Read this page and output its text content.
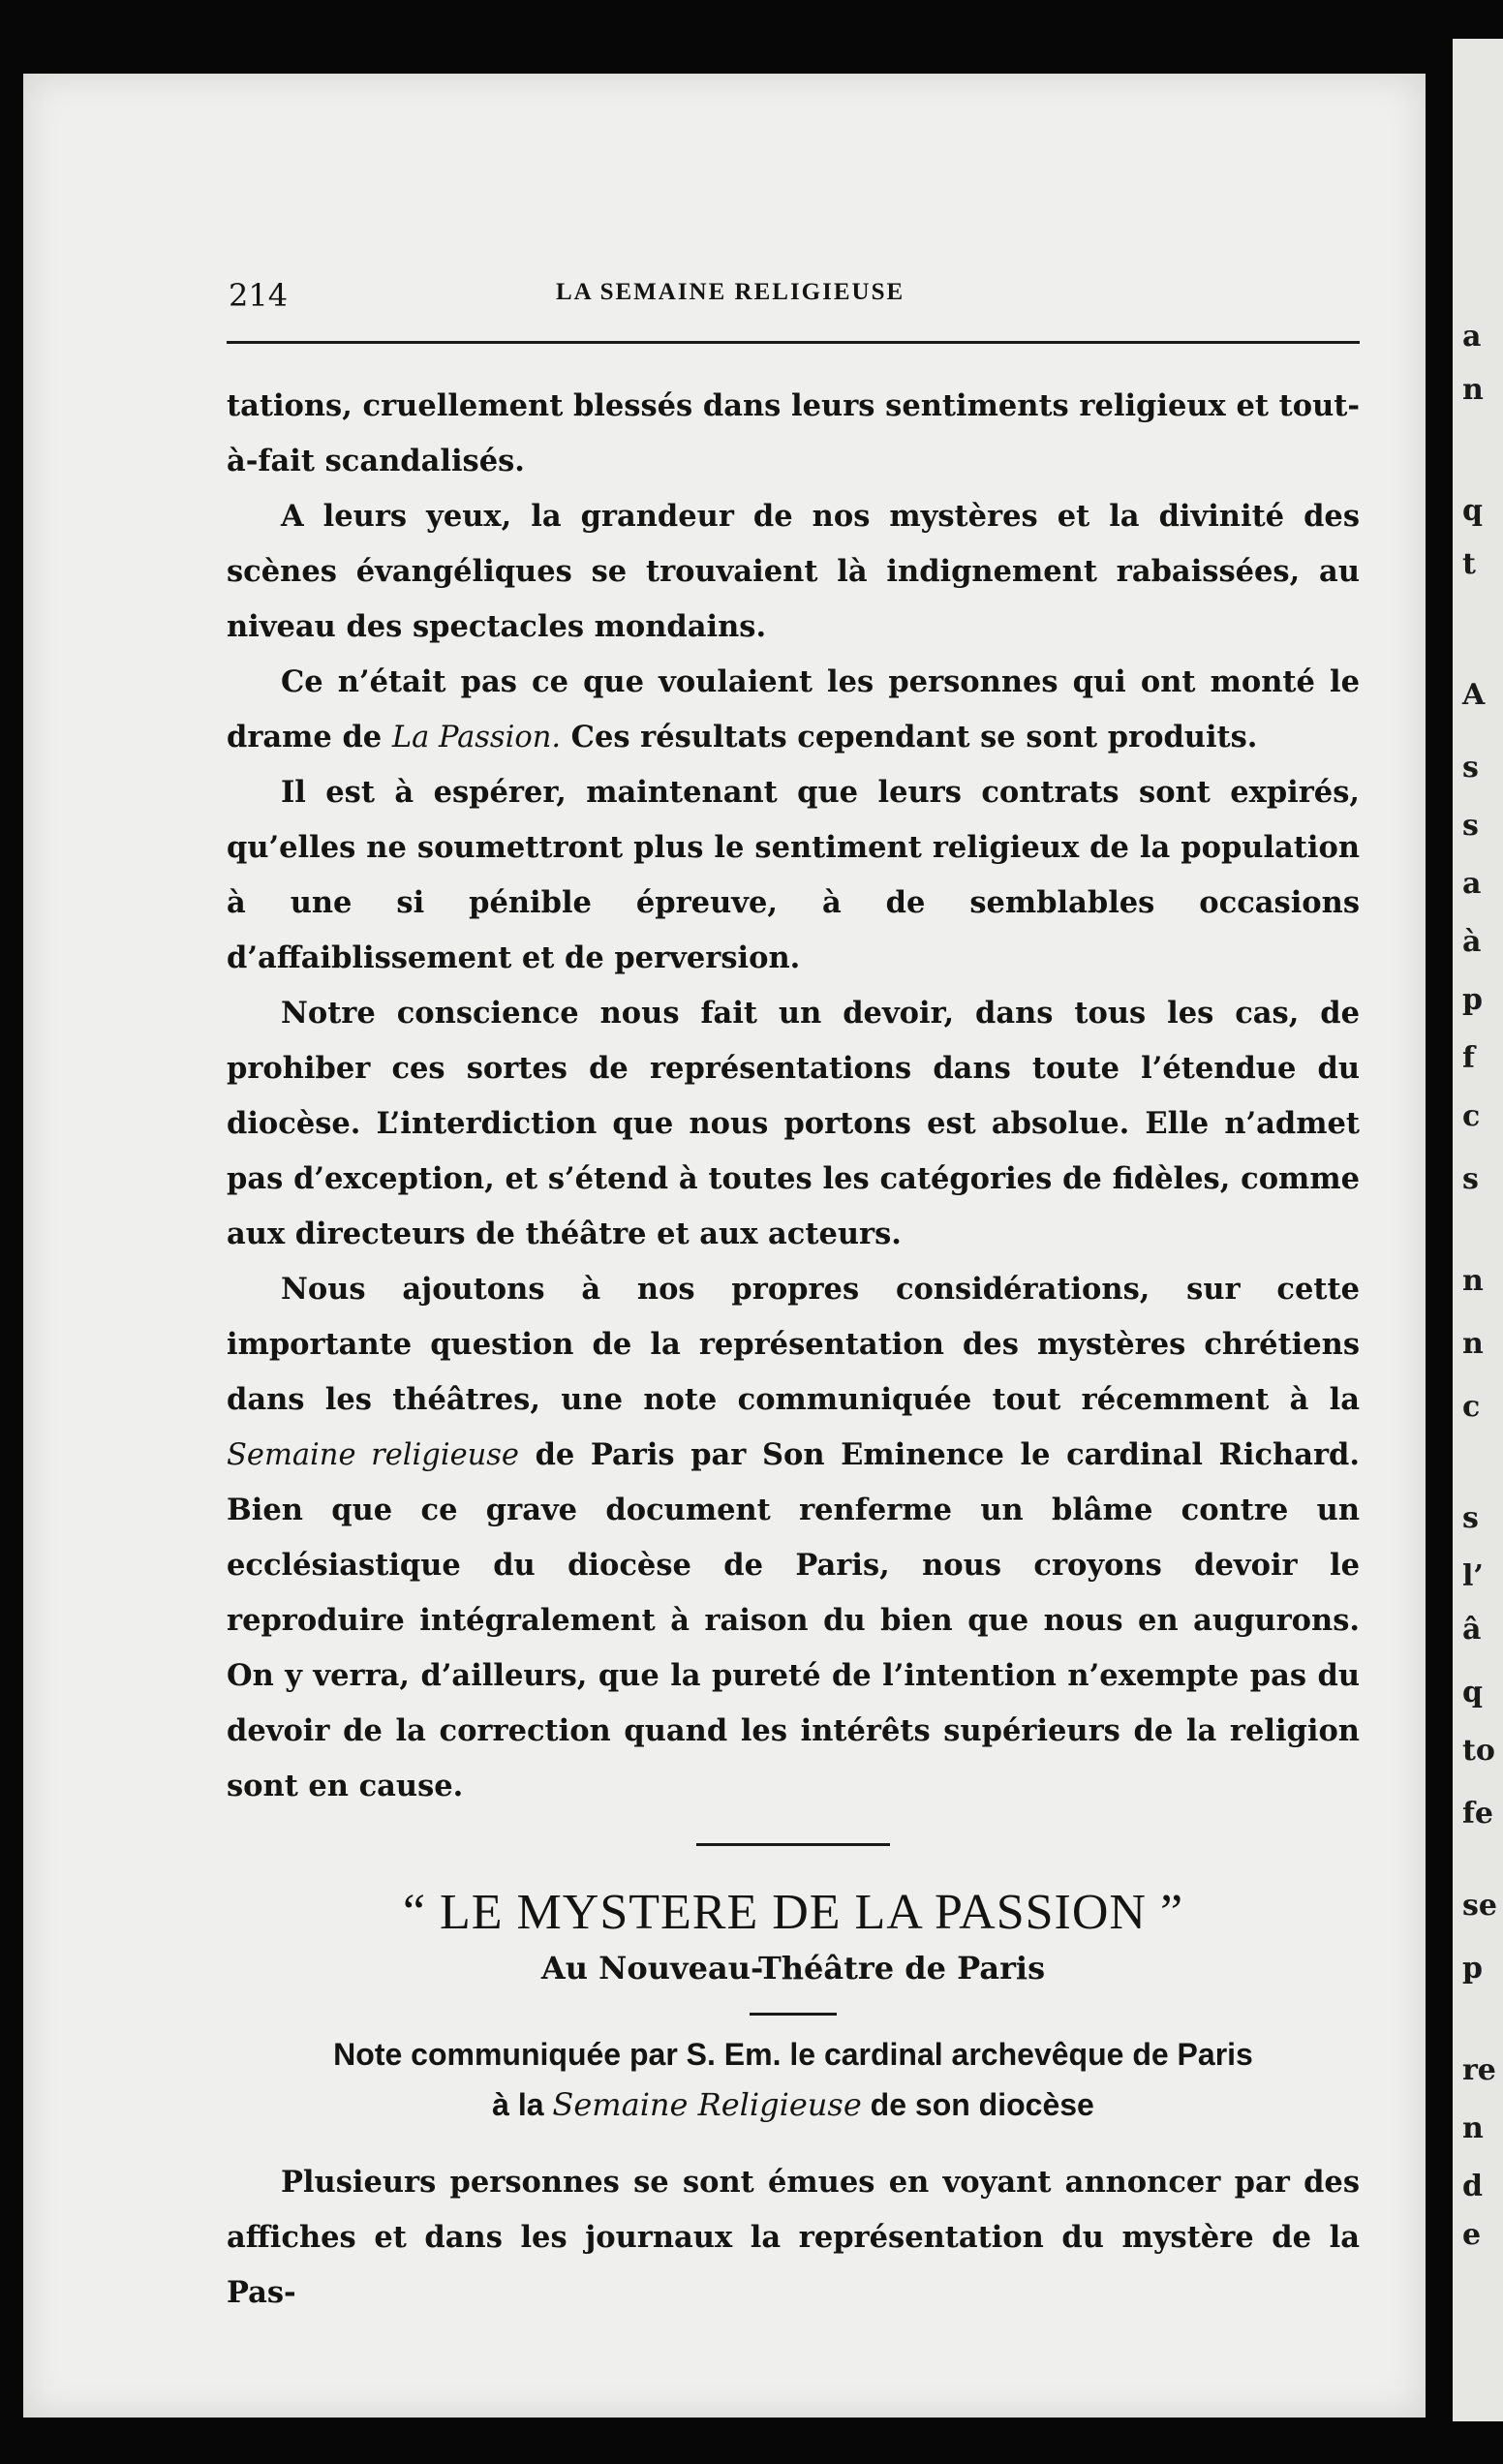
a
n
q
t
A
s
s
a
à
p
f
c
s
n
n
c
s
l’
â
q
to
fe
se
p
re
n
d
e
214	LA SEMAINE RELIGIEUSE

tations, cruellement blessés dans leurs sentiments religieux et tout-à-fait scandalisés.

A leurs yeux, la grandeur de nos mystères et la divinité des scènes évangéliques se trouvaient là indignement rabaissées, au niveau des spectacles mondains.

Ce n’était pas ce que voulaient les personnes qui ont monté le drame de La Passion. Ces résultats cependant se sont produits.

Il est à espérer, maintenant que leurs contrats sont expirés, qu’elles ne soumettront plus le sentiment religieux de la population à une si pénible épreuve, à de semblables occasions d’affaiblissement et de perversion.

Notre conscience nous fait un devoir, dans tous les cas, de prohiber ces sortes de représentations dans toute l’étendue du diocèse. L’interdiction que nous portons est absolue. Elle n’admet pas d’exception, et s’étend à toutes les catégories de fidèles, comme aux directeurs de théâtre et aux acteurs.

Nous ajoutons à nos propres considérations, sur cette importante question de la représentation des mystères chrétiens dans les théâtres, une note communiquée tout récemment à la Semaine religieuse de Paris par Son Eminence le cardinal Richard. Bien que ce grave document renferme un blâme contre un ecclésiastique du diocèse de Paris, nous croyons devoir le reproduire intégralement à raison du bien que nous en augurons. On y verra, d’ailleurs, que la pureté de l’intention n’exempte pas du devoir de la correction quand les intérêts supérieurs de la religion sont en cause.

“ LE MYSTERE DE LA PASSION ”
Au Nouveau-Théâtre de Paris
Note communiquée par S. Em. le cardinal archevêque de Paris
à la Semaine Religieuse de son diocèse

Plusieurs personnes se sont émues en voyant annoncer par des affiches et dans les journaux la représentation du mystère de la Pas-
